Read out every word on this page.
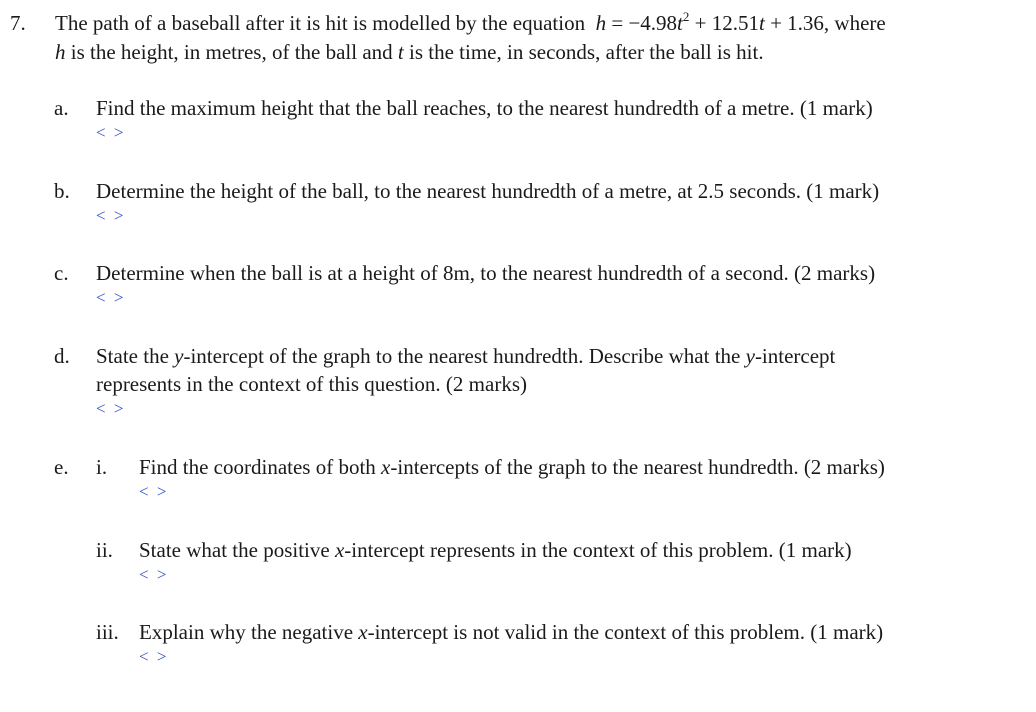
7. The path of a baseball after it is hit is modelled by the equation $h = -4.98t^2 + 12.51t + 1.36$, where
h is the height, in metres, of the ball and t is the time, in seconds, after the ball is hit.
a. Find the maximum height that the ball reaches, to the nearest hundredth of a metre. (1 mark)
< >
b. Determine the height of the ball, to the nearest hundredth of a metre, at 2.5 seconds. (1 mark)
< >
c. Determine when the ball is at a height of 8m, to the nearest hundredth of a second. (2 marks)
< >
d. State the y-intercept of the graph to the nearest hundredth. Describe what the y-intercept
represents in the context of this question. (2 marks)
< >
e. i. Find the coordinates of both x-intercepts of the graph to the nearest hundredth. (2 marks)
< >
ii. State what the positive x-intercept represents in the context of this problem. (1 mark)
< >
iii. Explain why the negative x-intercept is not valid in the context of this problem. (1 mark)
< >
